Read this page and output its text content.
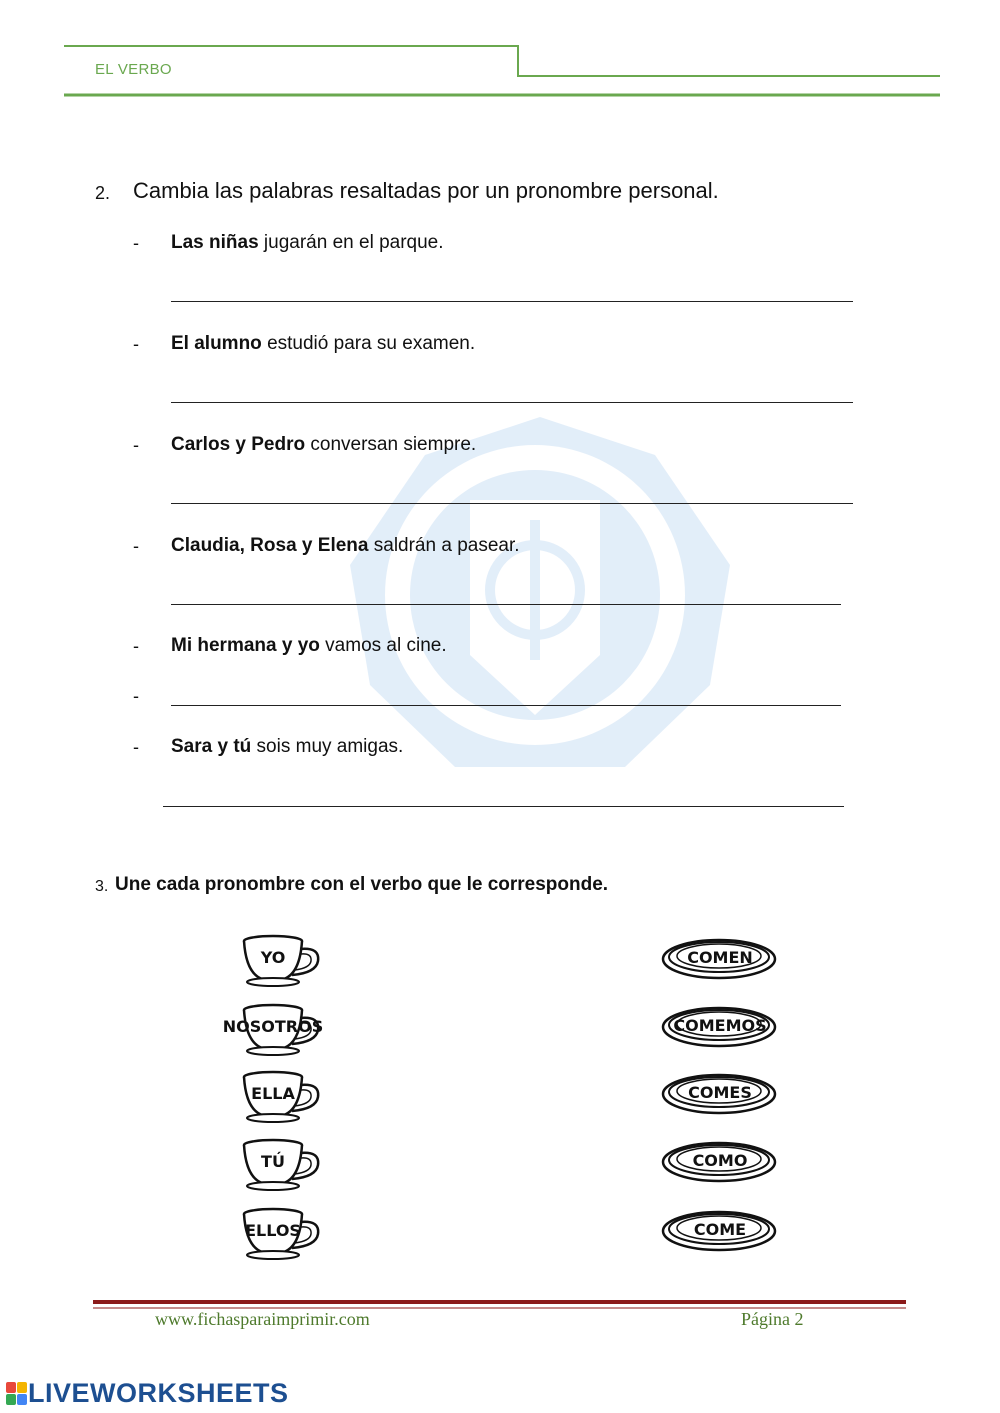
EL VERBO
2. Cambia las palabras resaltadas por un pronombre personal.
- Las niñas jugarán en el parque.
- El alumno estudió para su examen.
- Carlos y Pedro conversan siempre.
- Claudia, Rosa y Elena saldrán a pasear.
- Mi hermana y yo vamos al cine.
-
- Sara y tú sois muy amigas.
3. Une cada pronombre con el verbo que le corresponde.
YO
NOSOTROS
ELLA
TÚ
ELLOS
COMEN
COMEMOS
COMES
COMO
COME
www.fichasparaimprimir.com	Página 2
LIVEWORKSHEETS
